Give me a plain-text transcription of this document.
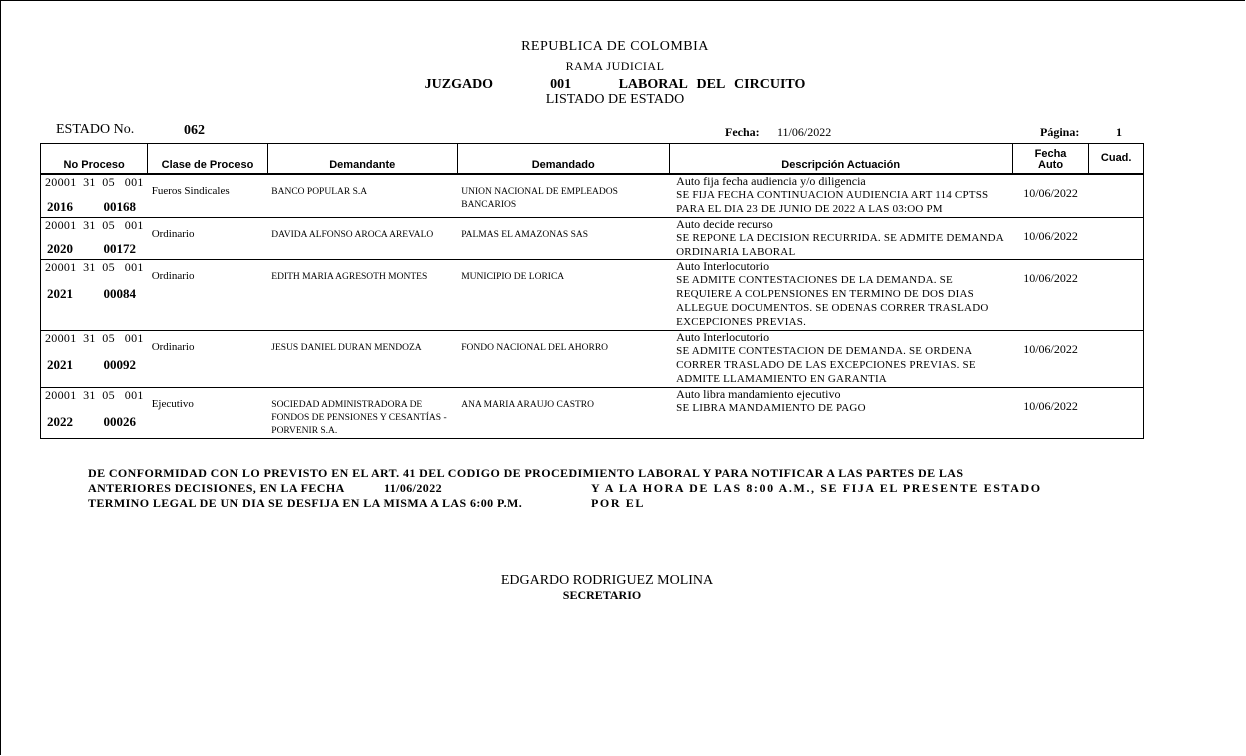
REPUBLICA DE COLOMBIA
RAMA JUDICIAL
JUZGADO      001     LABORAL DEL CIRCUITO
LISTADO DE ESTADO
ESTADO No.	062	Fecha: 11/06/2022	Página:	1
No Proceso	Clase de Proceso	Demandante	Demandado	Descripción Actuación	Fecha Auto	Cuad.
20001  31  05   001
2016  00168	Fueros Sindicales	BANCO POPULAR S.A	UNION NACIONAL DE EMPLEADOS BANCARIOS	Auto fija fecha audiencia y/o diligencia
SE FIJA FECHA CONTINUACION AUDIENCIA ART 114 CPTSS PARA EL DIA 23 DE JUNIO DE 2022 A LAS 03:OO PM	10/06/2022	

20001  31  05   001
2020  00172	Ordinario	DAVIDA ALFONSO AROCA AREVALO	PALMAS EL AMAZONAS SAS	Auto decide recurso
SE REPONE LA DECISION RECURRIDA. SE ADMITE DEMANDA ORDINARIA LABORAL	10/06/2022	

20001  31  05   001
2021  00084	Ordinario	EDITH MARIA AGRESOTH MONTES	MUNICIPIO DE LORICA	Auto Interlocutorio
SE ADMITE CONTESTACIONES DE LA DEMANDA. SE REQUIERE A COLPENSIONES EN TERMINO DE DOS DIAS ALLEGUE DOCUMENTOS. SE ODENAS CORRER TRASLADO EXCEPCIONES PREVIAS.	10/06/2022	

20001  31  05   001
2021  00092	Ordinario	JESUS DANIEL DURAN MENDOZA	FONDO NACIONAL DEL AHORRO	Auto Interlocutorio
SE ADMITE CONTESTACION DE DEMANDA. SE ORDENA CORRER TRASLADO DE LAS EXCEPCIONES PREVIAS. SE ADMITE LLAMAMIENTO EN GARANTIA	10/06/2022	

20001  31  05   001
2022  00026	Ejecutivo	SOCIEDAD ADMINISTRADORA DE FONDOS DE PENSIONES Y CESANTÍAS - PORVENIR S.A.	ANA MARIA ARAUJO CASTRO	Auto libra mandamiento ejecutivo
SE LIBRA MANDAMIENTO DE PAGO	10/06/2022	

DE CONFORMIDAD CON LO PREVISTO EN EL ART. 41 DEL CODIGO DE PROCEDIMIENTO LABORAL Y PARA NOTIFICAR A LAS PARTES DE LAS
ANTERIORES DECISIONES, EN LA FECHA	11/06/2022	Y A LA HORA DE LAS 8:00 A.M., SE FIJA EL PRESENTE ESTADO POR EL
TERMINO LEGAL DE UN DIA SE DESFIJA EN LA MISMA A LAS 6:00 P.M.
EDGARDO RODRIGUEZ MOLINA
SECRETARIO
